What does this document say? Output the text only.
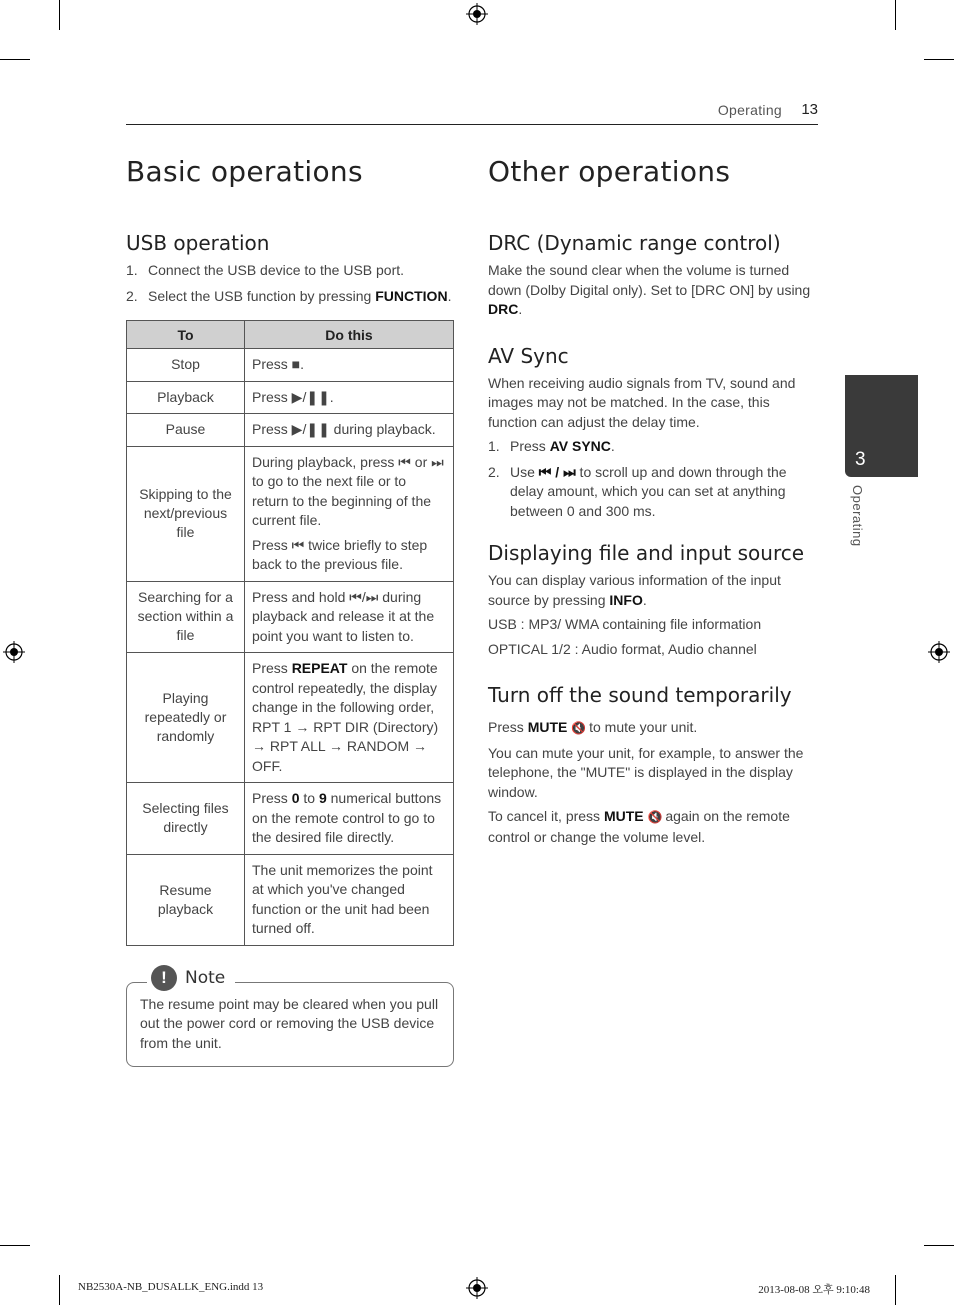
Operating 13
3
Operating
Basic operations
USB operation
1. Connect the USB device to the USB port.
2. Select the USB function by pressing FUNCTION.
To	Do this
Stop	Press ■.

Playback	Press ▶/❚❚.

Pause	Press ▶/❚❚ during playback.

Skipping to the next/previous file	During playback, press ⏮ or ⏭ to go to the next file or to return to the beginning of the current file.

Press ⏮ twice briefly to step back to the previous file.

Searching for a section within a file	Press and hold ⏮/⏭ during playback and release it at the point you want to listen to.

Playing repeatedly or randomly	Press REPEAT on the remote control repeatedly, the display change in the following order, RPT 1 → RPT DIR (Directory) → RPT ALL → RANDOM → OFF.

Selecting files directly	Press 0 to 9 numerical buttons on the remote control to go to the desired file directly.

Resume playback	The unit memorizes the point at which you've changed function or the unit had been turned off.

!	Note

The resume point may be cleared when you pull out the power cord or removing the USB device from the unit.

Other operations
DRC (Dynamic range control)

Make the sound clear when the volume is turned down (Dolby Digital only). Set to [DRC ON] by using DRC.

AV Sync

When receiving audio signals from TV, sound and images may not be matched. In the case, this function can adjust the delay time.

1. Press AV SYNC.
2. Use ⏮ / ⏭ to scroll up and down through the delay amount, which you can set at anything between 0 and 300 ms.
Displaying file and input source

You can display various information of the input source by pressing INFO.

USB : MP3/ WMA containing file information

OPTICAL 1/2 : Audio format, Audio channel

Turn off the sound temporarily

Press MUTE 🔇 to mute your unit.

You can mute your unit, for example, to answer the telephone, the "MUTE" is displayed in the display window.

To cancel it, press MUTE 🔇 again on the remote control or change the volume level.

NB2530A-NB_DUSALLK_ENG.indd 13	2013-08-08 오후 9:10:48
